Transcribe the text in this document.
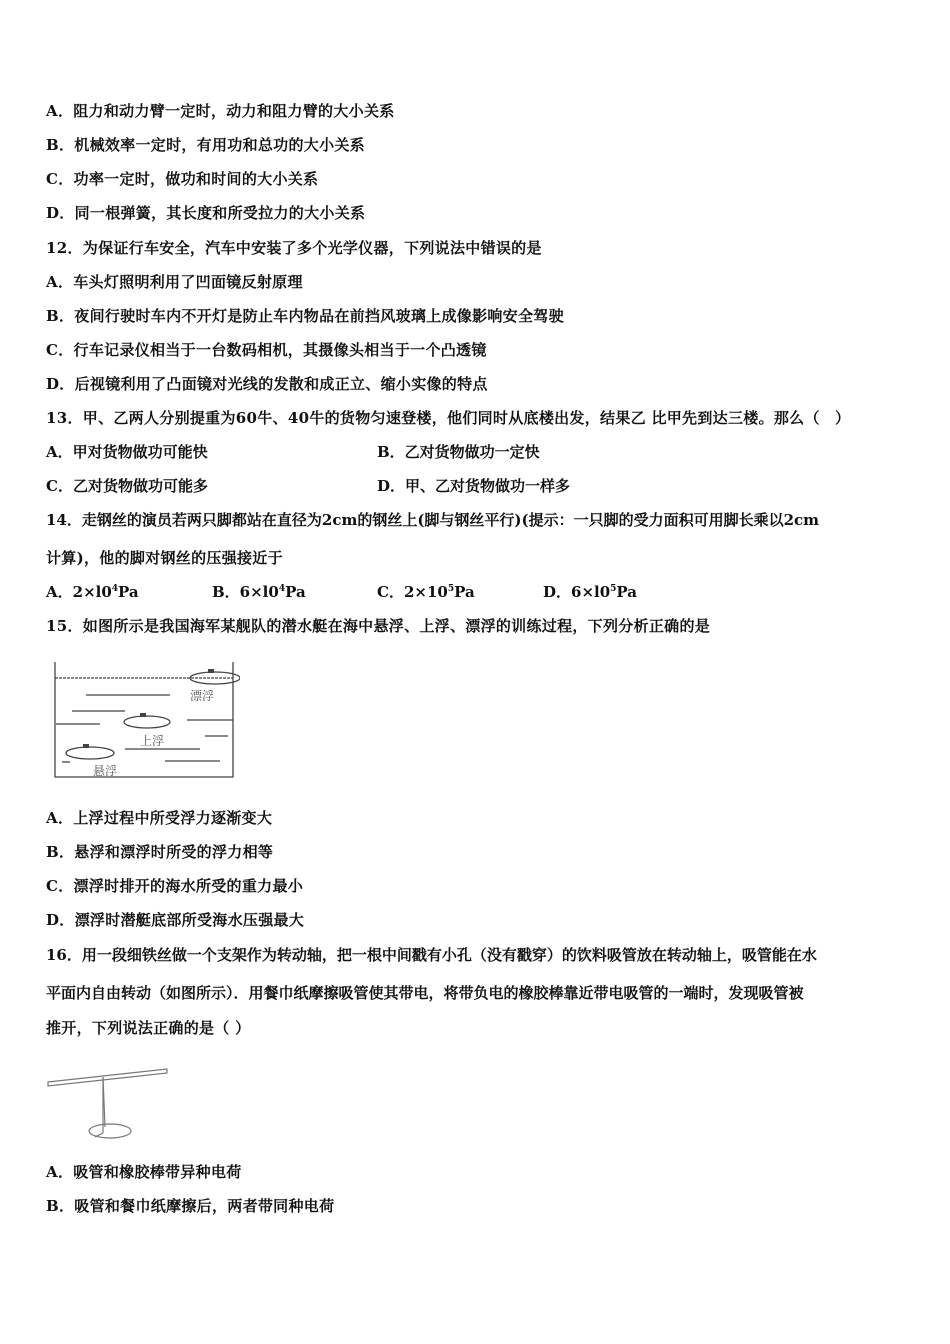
A．阻力和动力臂一定时，动力和阻力臂的大小关系
B．机械效率一定时，有用功和总功的大小关系
C．功率一定时，做功和时间的大小关系
D．同一根弹簧，其长度和所受拉力的大小关系
12．为保证行车安全，汽车中安装了多个光学仪器，下列说法中错误的是
A．车头灯照明利用了凹面镜反射原理
B．夜间行驶时车内不开灯是防止车内物品在前挡风玻璃上成像影响安全驾驶
C．行车记录仪相当于一台数码相机，其摄像头相当于一个凸透镜
D．后视镜利用了凸面镜对光线的发散和成正立、缩小实像的特点
13．甲、乙两人分别提重为60牛、40牛的货物匀速登楼，他们同时从底楼出发，结果乙 比甲先到达三楼。那么（　）
A．甲对货物做功可能快	B．乙对货物做功一定快
C．乙对货物做功可能多	D．甲、乙对货物做功一样多
14．走钢丝的演员若两只脚都站在直径为2cm的钢丝上(脚与钢丝平行)(提示：一只脚的受力面积可用脚长乘以2cm
计算)，他的脚对钢丝的压强接近于
A．$2\times l0^4Pa$	B．$6\times l0^4Pa$	C．$2\times 10^5Pa$	D．$6\times l0^5Pa$
15．如图所示是我国海军某舰队的潜水艇在海中悬浮、上浮、漂浮的训练过程，下列分析正确的是
漂浮
上浮
悬浮
A．上浮过程中所受浮力逐渐变大
B．悬浮和漂浮时所受的浮力相等
C．漂浮时排开的海水所受的重力最小
D．漂浮时潜艇底部所受海水压强最大
16．用一段细铁丝做一个支架作为转动轴，把一根中间戳有小孔（没有戳穿）的饮料吸管放在转动轴上，吸管能在水
平面内自由转动（如图所示）．用餐巾纸摩擦吸管使其带电，将带负电的橡胶棒靠近带电吸管的一端时，发现吸管被
推开，下列说法正确的是（ ）
A．吸管和橡胶棒带异种电荷
B．吸管和餐巾纸摩擦后，两者带同种电荷
